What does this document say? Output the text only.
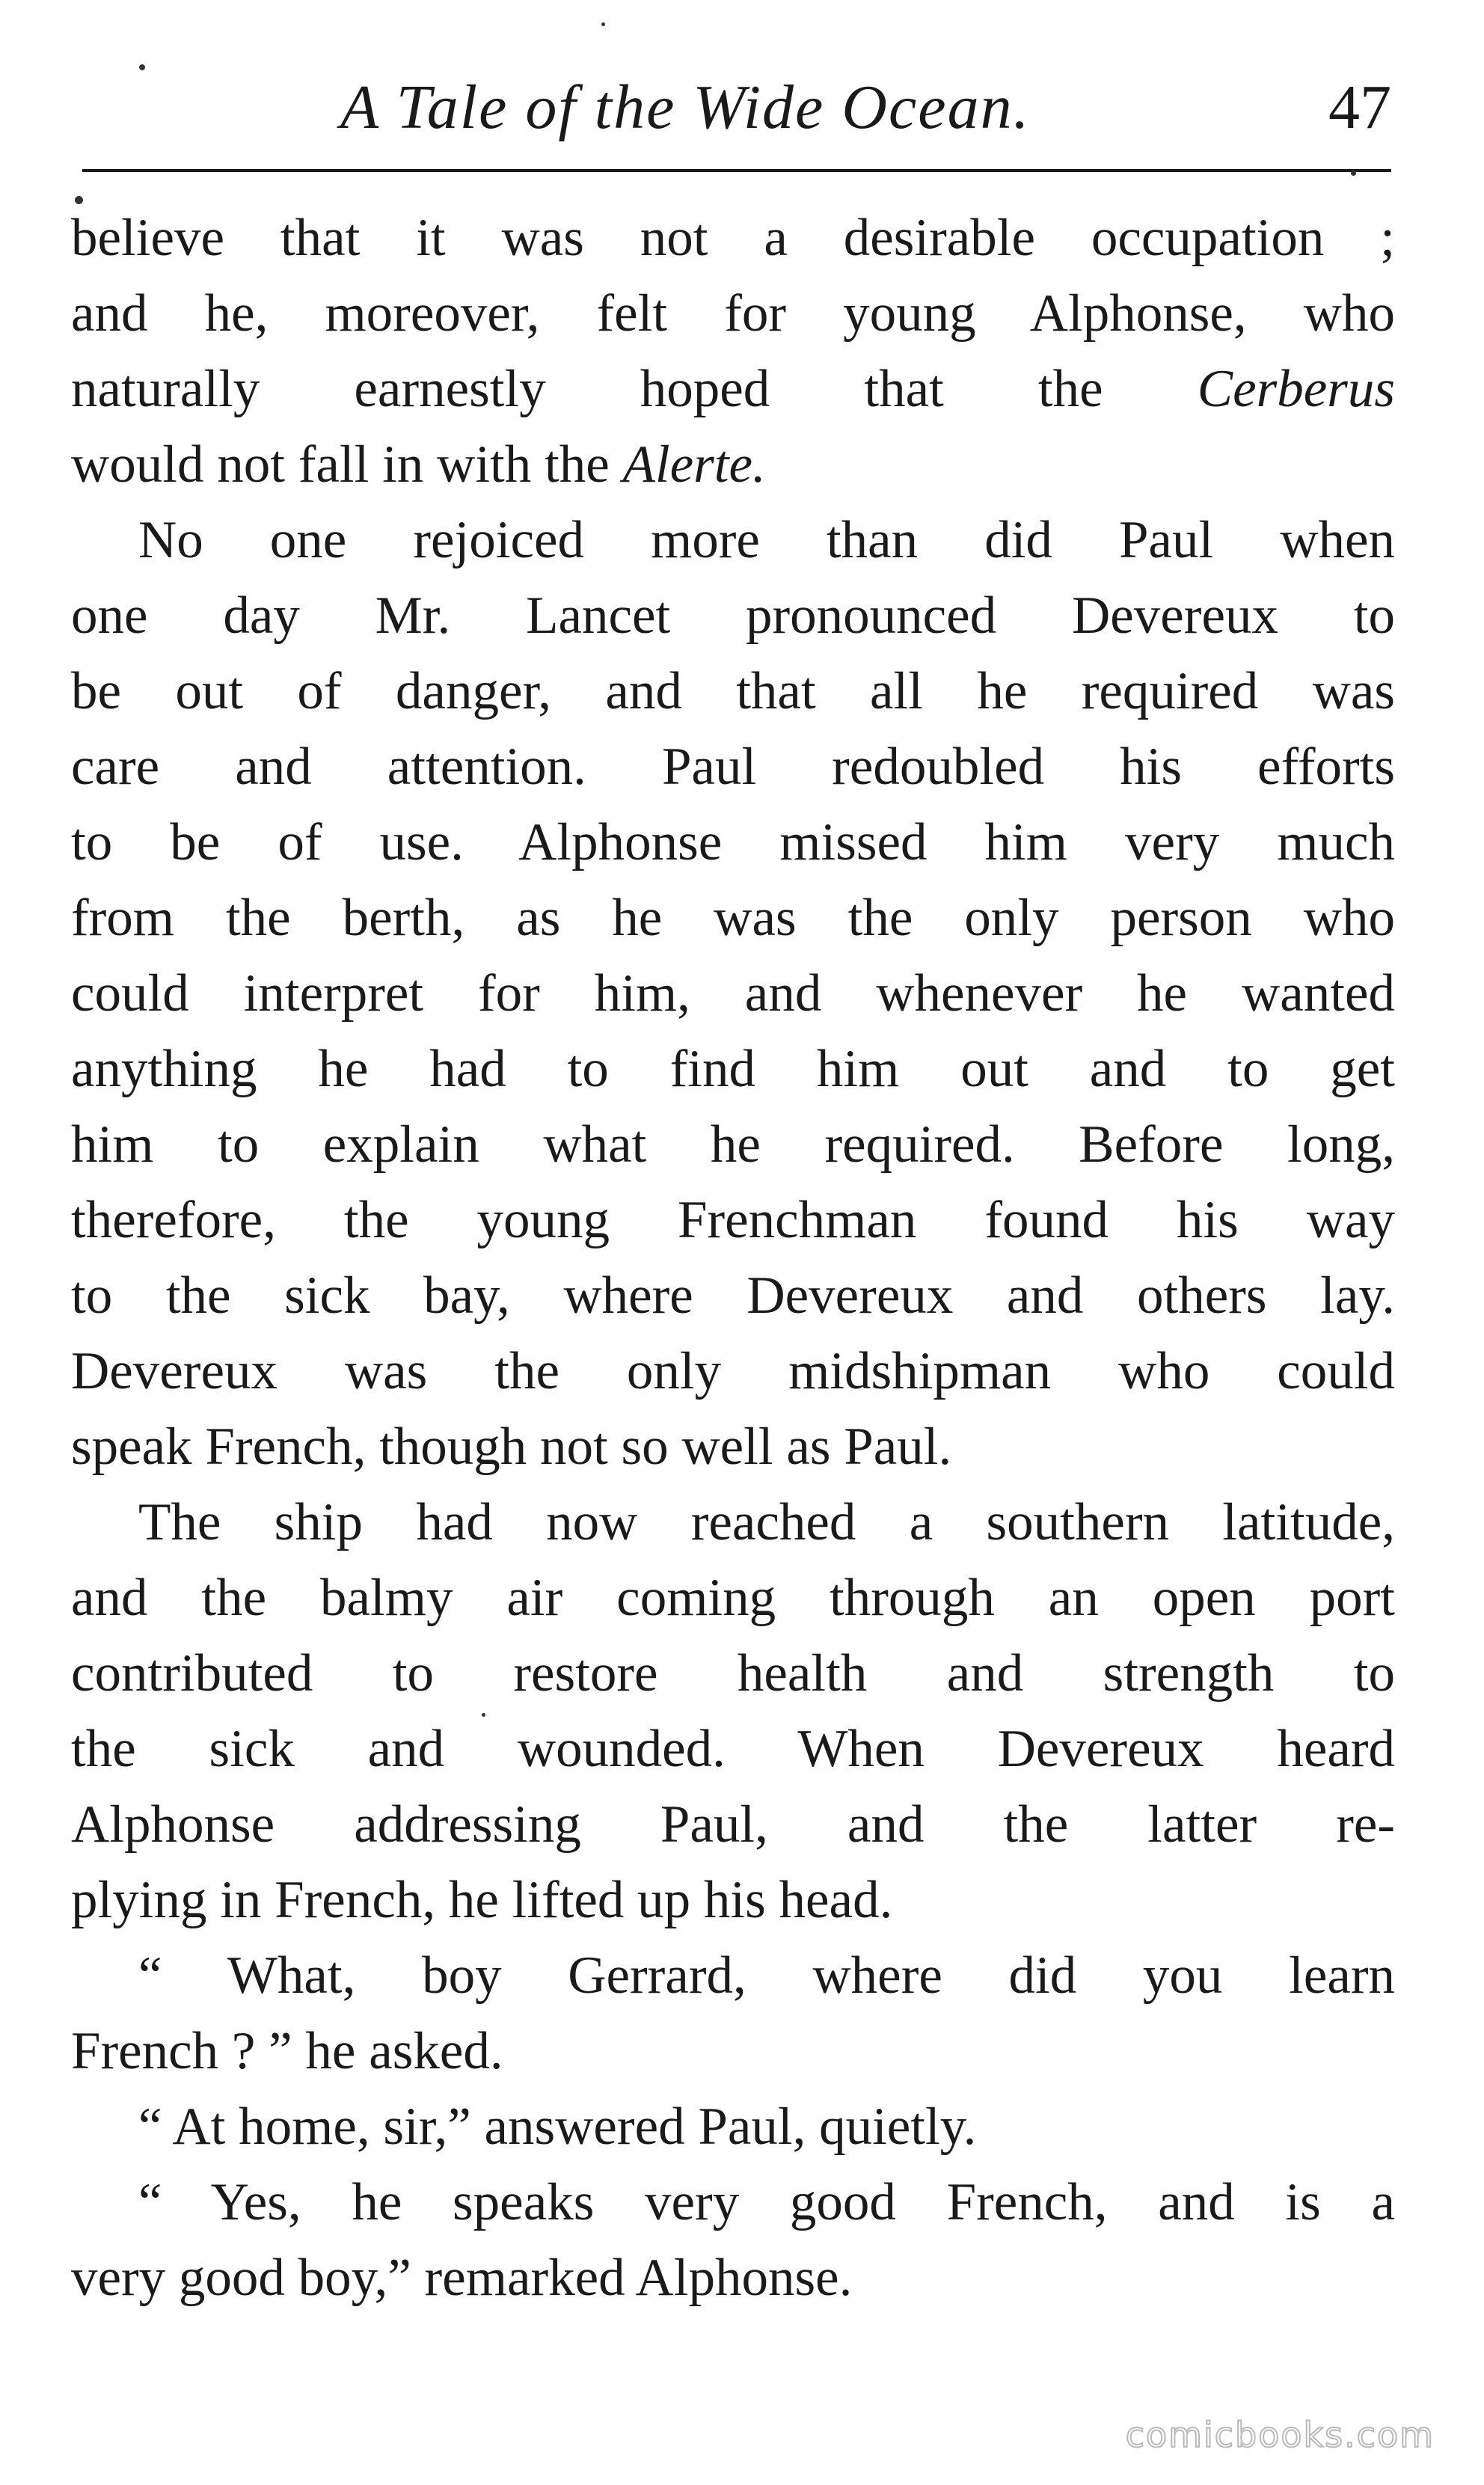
A Tale of the Wide Ocean.	47
believe that it was not a desirable occupation ;
and he, moreover, felt for young Alphonse, who
naturally earnestly hoped that the Cerberus
would not fall in with the Alerte.
No one rejoiced more than did Paul when
one day Mr. Lancet pronounced Devereux to
be out of danger, and that all he required was
care and attention. Paul redoubled his efforts
to be of use. Alphonse missed him very much
from the berth, as he was the only person who
could interpret for him, and whenever he wanted
anything he had to find him out and to get
him to explain what he required. Before long,
therefore, the young Frenchman found his way
to the sick bay, where Devereux and others lay.
Devereux was the only midshipman who could
speak French, though not so well as Paul.
The ship had now reached a southern latitude,
and the balmy air coming through an open port
contributed to restore health and strength to
the sick and wounded. When Devereux heard
Alphonse addressing Paul, and the latter re-
plying in French, he lifted up his head.
“ What, boy Gerrard, where did you learn
French ? ” he asked.
“ At home, sir,” answered Paul, quietly.
“ Yes, he speaks very good French, and is a
very good boy,” remarked Alphonse.
comicbooks.com
